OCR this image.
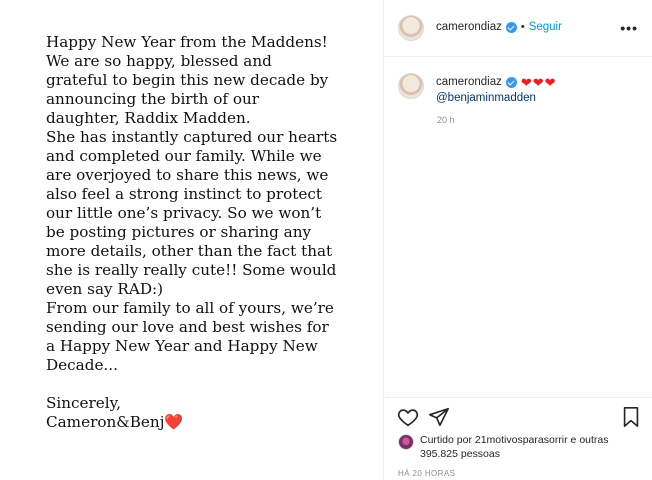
Happy New Year from the Maddens!
We are so happy, blessed and
grateful to begin this new decade by
announcing the birth of our
daughter, Raddix Madden.
She has instantly captured our hearts
and completed our family. While we
are overjoyed to share this news, we
also feel a strong instinct to protect
our little one’s privacy. So we won’t
be posting pictures or sharing any
more details, other than the fact that
she is really really cute!! Some would
even say RAD:)
From our family to all of yours, we’re
sending our love and best wishes for
a Happy New Year and Happy New
Decade...

Sincerely,
Cameron&Benj❤️
camerondiaz • Seguir	•••
camerondiaz ❤❤❤
@benjaminmadden
20 h
Curtido por 21motivosparasorrir e outras 395.825 pessoas
HÁ 20 HORAS
